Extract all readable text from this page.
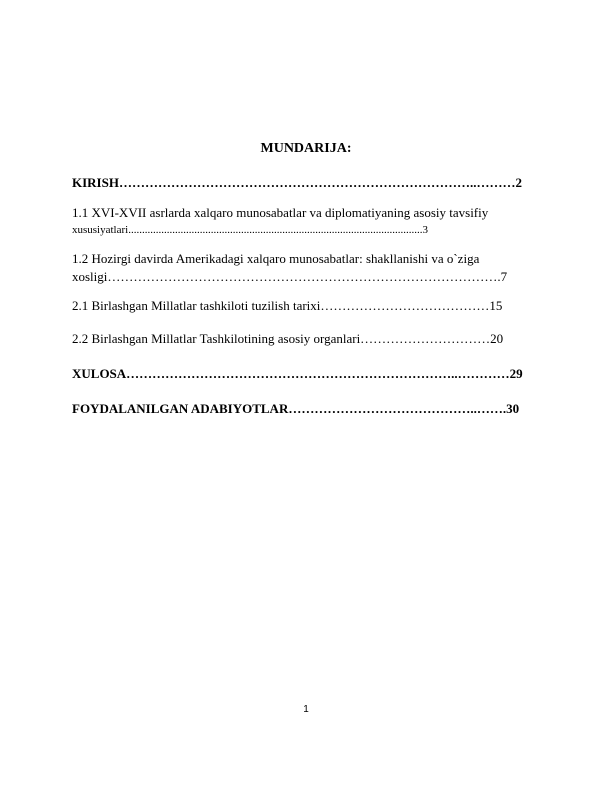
MUNDARIJA:
KIRISH………………………………………………………………………..………2
1.1 XVI-XVII asrlarda xalqaro munosabatlar va diplomatiyaning asosiy tavsifiy
xususiyatlari...........................................................................................................3
1.2 Hozirgi davirda Amerikadagi xalqaro munosabatlar: shakllanishi va o`ziga
xosligi……………………………………………………………………………….7
2.1 Birlashgan Millatlar tashkiloti tuzilish tarixi…………………………………15
2.2 Birlashgan Millatlar Tashkilotining asosiy organlari…………………………20
XULOSA…………………………………………………………………..…………29
FOYDALANILGAN ADABIYOTLAR……………………………………..…….30
1
